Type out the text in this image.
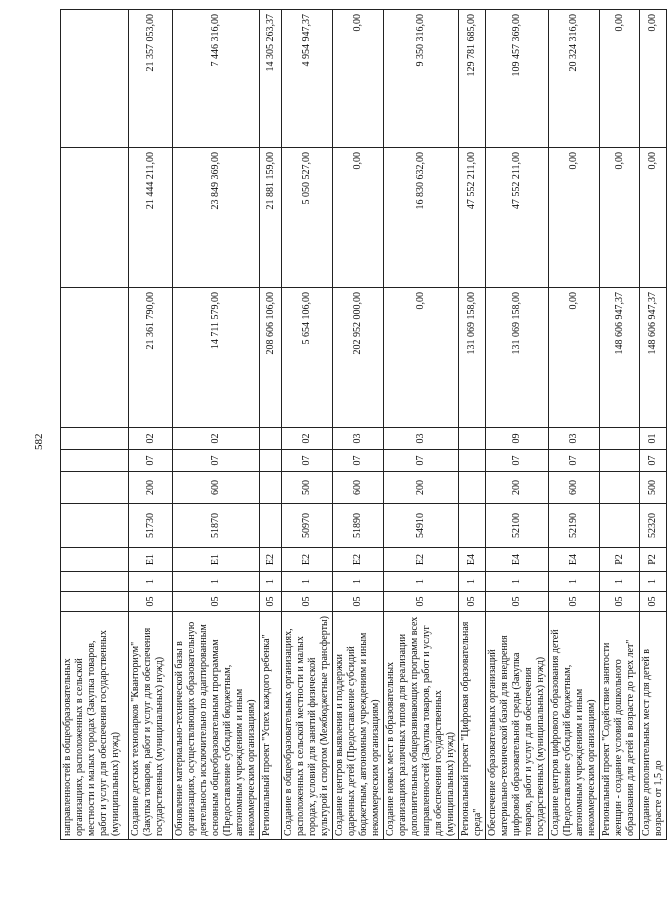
582
направленностей в общеобразовательных организациях, расположенных в сельской местности и малых городах (Закупка товаров, работ и услуг для обеспечения государственных (муниципальных) нужд)										
Создание детских технопарков "Кванториум" (Закупка товаров, работ и услуг для обеспечения государственных (муниципальных) нужд)	05	1	E1	51730	200	07	02	21 361 790,00	21 444 211,00	21 357 053,00
Обновление материально-технической базы в организациях, осуществляющих образовательную деятельность исключительно по адаптированным основным общеобразовательным программам (Предоставление субсидий бюджетным, автономным учреждениям и иным некоммерческим организациям)	05	1	E1	51870	600	07	02	14 711 579,00	23 849 369,00	7 446 316,00
Региональный проект "Успех каждого ребенка"	05	1	E2					208 606 106,00	21 881 159,00	14 305 263,37
Создание в общеобразовательных организациях, расположенных в сельской местности и малых городах, условий для занятий физической культурой и спортом (Межбюджетные трансферты)	05	1	E2	50970	500	07	02	5 654 106,00	5 050 527,00	4 954 947,37
Создание центров выявления и поддержки одаренных детей (Предоставление субсидий бюджетным, автономным учреждениям и иным некоммерческим организациям)	05	1	E2	51890	600	07	03	202 952 000,00	0,00	0,00
Создание новых мест в образовательных организациях различных типов для реализации дополнительных общеразвивающих программ всех направленностей (Закупка товаров, работ и услуг для обеспечения государственных (муниципальных) нужд)	05	1	E2	54910	200	07	03	0,00	16 830 632,00	9 350 316,00
Региональный проект "Цифровая образовательная среда"	05	1	E4					131 069 158,00	47 552 211,00	129 781 685,00
Обеспечение образовательных организаций материально-технической базой для внедрения цифровой образовательной среды (Закупка товаров, работ и услуг для обеспечения государственных (муниципальных) нужд)	05	1	E4	52100	200	07	09	131 069 158,00	47 552 211,00	109 457 369,00
Создание центров цифрового образования детей (Предоставление субсидий бюджетным, автономным учреждениям и иным некоммерческим организациям)	05	1	E4	52190	600	07	03	0,00	0,00	20 324 316,00
Региональный проект "Содействие занятости женщин - создание условий дошкольного образования для детей в возрасте до трех лет"	05	1	P2					148 606 947,37	0,00	0,00
Создание дополнительных мест для детей в возрасте от 1,5 до	05	1	P2	52320	500	07	01	148 606 947,37	0,00	0,00
